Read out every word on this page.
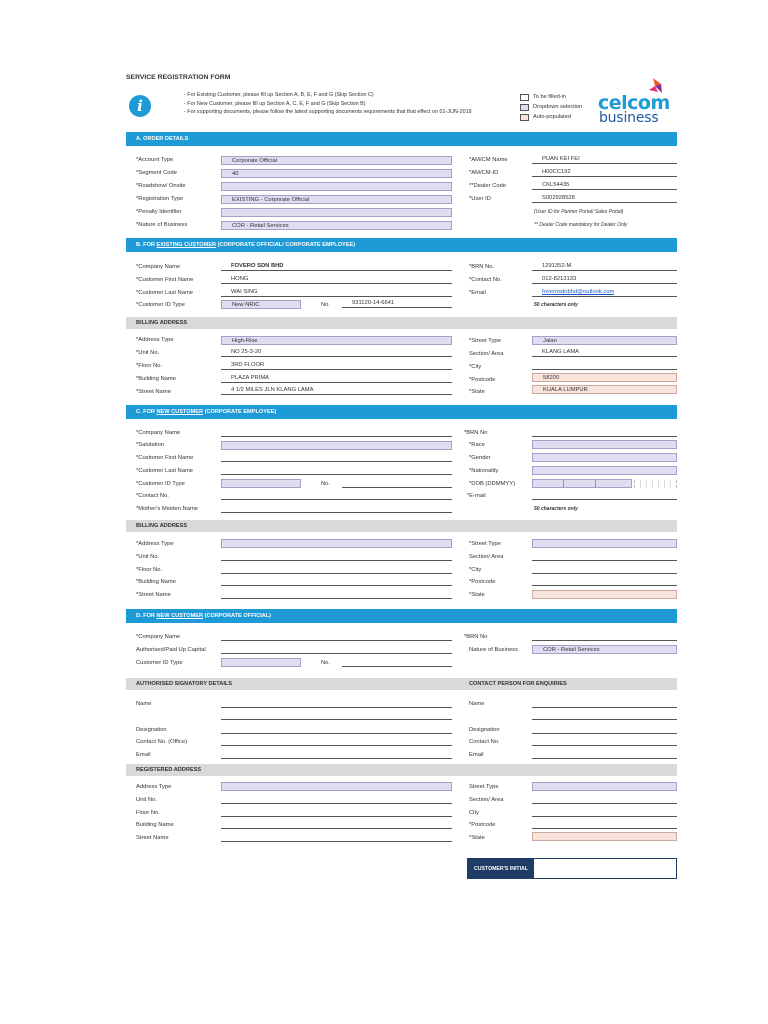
SERVICE REGISTRATION FORM
i
- For Existing Customer, please fill up Section A, B, E, F and G (Skip Section C)
- For New Customer, please fill up Section A, C, E, F and G (Skip Section B)
- For supporting documents, please follow the latest supporting documents requirements that that effect on 01-JUN-2019
To be filled-in
Dropdown selection
Auto-populated
celcom
business
A. ORDER DETAILS
*Account Type	Corporate Official
*Segment Code	40
*Roadshow/ Onsite
*Registration Type	EXISTING - Corporate Official
*Penalty Identifier
*Nature of Business	COR - Retail Services
*AM/CM Name	PUAN KEI FEI
*AM/CM-ID	H00CC192
**Dealer Code	CKL54435
*User ID	S002928528
(User ID for Partner Portal/ Sales Portal)
** Dealer Code mandatory for Dealer Only
B. FOR EXISTING CUSTOMER (CORPORATE OFFICIAL/ CORPORATE EMPLOYEE)
*Company Name	FOVERO SDN BHD
*Customer First Name	HONG
*Customer Last Name	WAI SING
*Customer ID Type	New NRIC	No.	931120-14-6641
*BRN No.	1291352-M
*Contact No.	012-8213133
*Email	foverosdnbhd@outlook.com
50 characters only
BILLING ADDRESS
*Address Type	High-Rise
*Unit No.	NO 25-3-20
*Floor No.	3RD FLOOR
*Building Name	PLAZA PRIMA
*Street Name	4 1/2 MILES JLN KLANG LAMA
*Street Type	Jalan
Section/ Area	KLANG LAMA
*City
*Postcode	58200
*State	KUALA LUMPUR
C. FOR NEW CUSTOMER (CORPORATE EMPLOYEE)
*Company Name
*Salutation
*Customer First Name
*Customer Last Name
*Customer ID Type	No.
*Contact No.
*Mother's Meiden Name
*BRN No
*Race
*Gender
*Nationality
*DOB (DDMMYY)
*E-mail
50 characters only
BILLING ADDRESS
*Address Type
*Unit No.
*Floor No.
*Building Name
*Street Name
*Street Type
Section/ Area
*City
*Postcode
*State
D. FOR NEW CUSTOMER (CORPORATE OFFICIAL)
*Company Name
Authorised/Paid Up Capital
Customer ID Type	No.
*BRN No
Nature of Business	COR - Retail Services
AUTHORISED SIGNATORY DETAILS	CONTACT PERSON FOR ENQUIRIES
Name
Designation
Contact No. (Office)
Email
Name
Designation
Contact No.
Email
REGISTERED ADDRESS
Address Type
Unit No.
Floor No.
Building Name
Street Name
Street Type
Section/ Area
City
*Postcode
*State
CUSTOMER'S INITIAL
